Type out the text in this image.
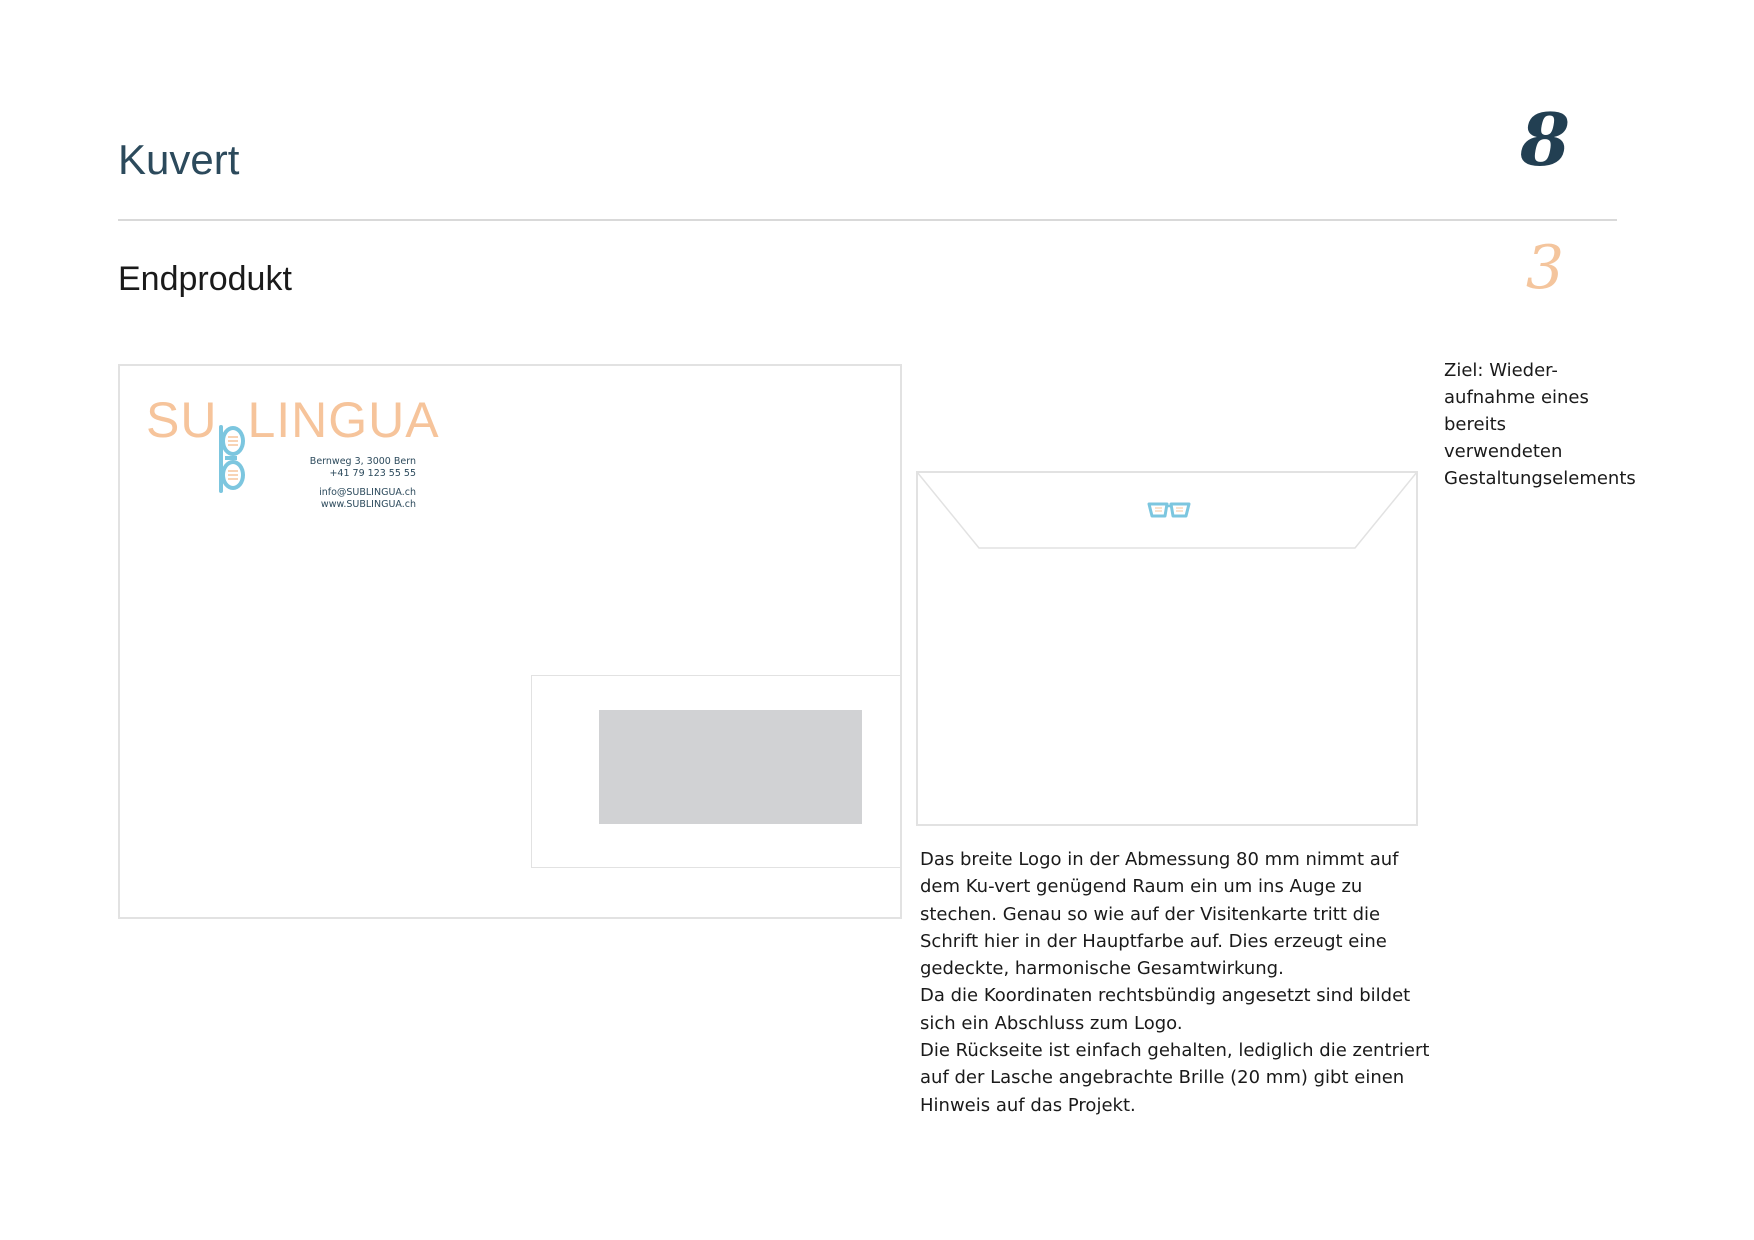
Kuvert	8
Endprodukt	3
Ziel: Wieder-
aufnahme eines
bereits verwendeten
Gestaltungselements
SU LINGUA
Bernweg 3, 3000 Bern
+41 79 123 55 55
info@SUBLINGUA.ch
www.SUBLINGUA.ch

Das breite Logo in der Abmessung 80 mm nimmt auf dem Ku-vert genügend Raum ein um ins Auge zu stechen. Genau so wie auf der Visitenkarte tritt die Schrift hier in der Hauptfarbe auf. Dies erzeugt eine gedeckte, harmonische Gesamtwirkung.

Da die Koordinaten rechtsbündig angesetzt sind bildet sich ein Abschluss zum Logo.

Die Rückseite ist einfach gehalten, lediglich die zentriert auf der Lasche angebrachte Brille (20 mm) gibt einen Hinweis auf das Projekt.
